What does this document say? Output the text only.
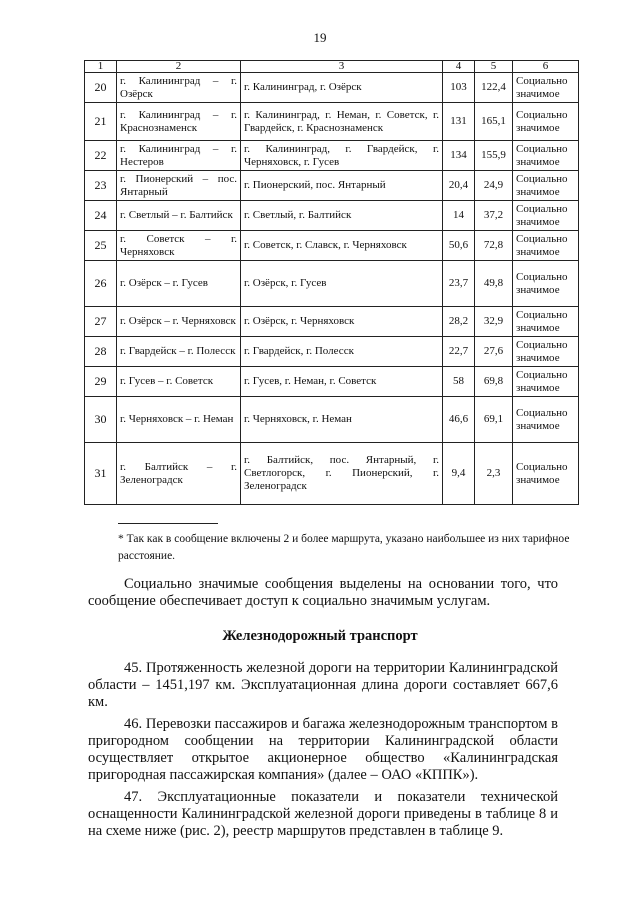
19
1	2	3	4	5	6
20	г. Калининград – г. Озёрск	г. Калининград, г. Озёрск	103	122,4	Социально значимое
21	г. Калининград – г. Краснознаменск	г. Калининград, г. Неман, г. Советск, г. Гвардейск, г. Краснознаменск	131	165,1	Социально значимое
22	г. Калининград – г. Нестеров	г. Калининград, г. Гвардейск, г. Черняховск, г. Гусев	134	155,9	Социально значимое
23	г. Пионерский – пос. Янтарный	г. Пионерский, пос. Янтарный	20,4	24,9	Социально значимое
24	г. Светлый – г. Балтийск	г. Светлый, г. Балтийск	14	37,2	Социально значимое
25	г. Советск – г. Черняховск	г. Советск, г. Славск, г. Черняховск	50,6	72,8	Социально значимое
26	г. Озёрск – г. Гусев	г. Озёрск, г. Гусев	23,7	49,8	Социально значимое
27	г. Озёрск – г. Черняховск	г. Озёрск, г. Черняховск	28,2	32,9	Социально значимое
28	г. Гвардейск – г. Полесск	г. Гвардейск, г. Полесск	22,7	27,6	Социально значимое
29	г. Гусев – г. Советск	г. Гусев, г. Неман, г. Советск	58	69,8	Социально значимое
30	г. Черняховск – г. Неман	г. Черняховск, г. Неман	46,6	69,1	Социально значимое
31	г. Балтийск – г. Зеленоградск	г. Балтийск, пос. Янтарный, г. Светлогорск, г. Пионерский, г. Зеленоградск	9,4	2,3	Социально значимое
* Так как в сообщение включены 2 и более маршрута, указано наибольшее из них тарифное расстояние.
Социально значимые сообщения выделены на основании того, что сообщение обеспечивает доступ к социально значимым услугам.
Железнодорожный транспорт
45. Протяженность железной дороги на территории Калининградской области – 1451,197 км. Эксплуатационная длина дороги составляет 667,6 км.
46. Перевозки пассажиров и багажа железнодорожным транспортом в пригородном сообщении на территории Калининградской области осуществляет открытое акционерное общество «Калининградская пригородная пассажирская компания» (далее – ОАО «КППК»).
47. Эксплуатационные показатели и показатели технической оснащенности Калининградской железной дороги приведены в таблице 8 и на схеме ниже (рис. 2), реестр маршрутов представлен в таблице 9.
